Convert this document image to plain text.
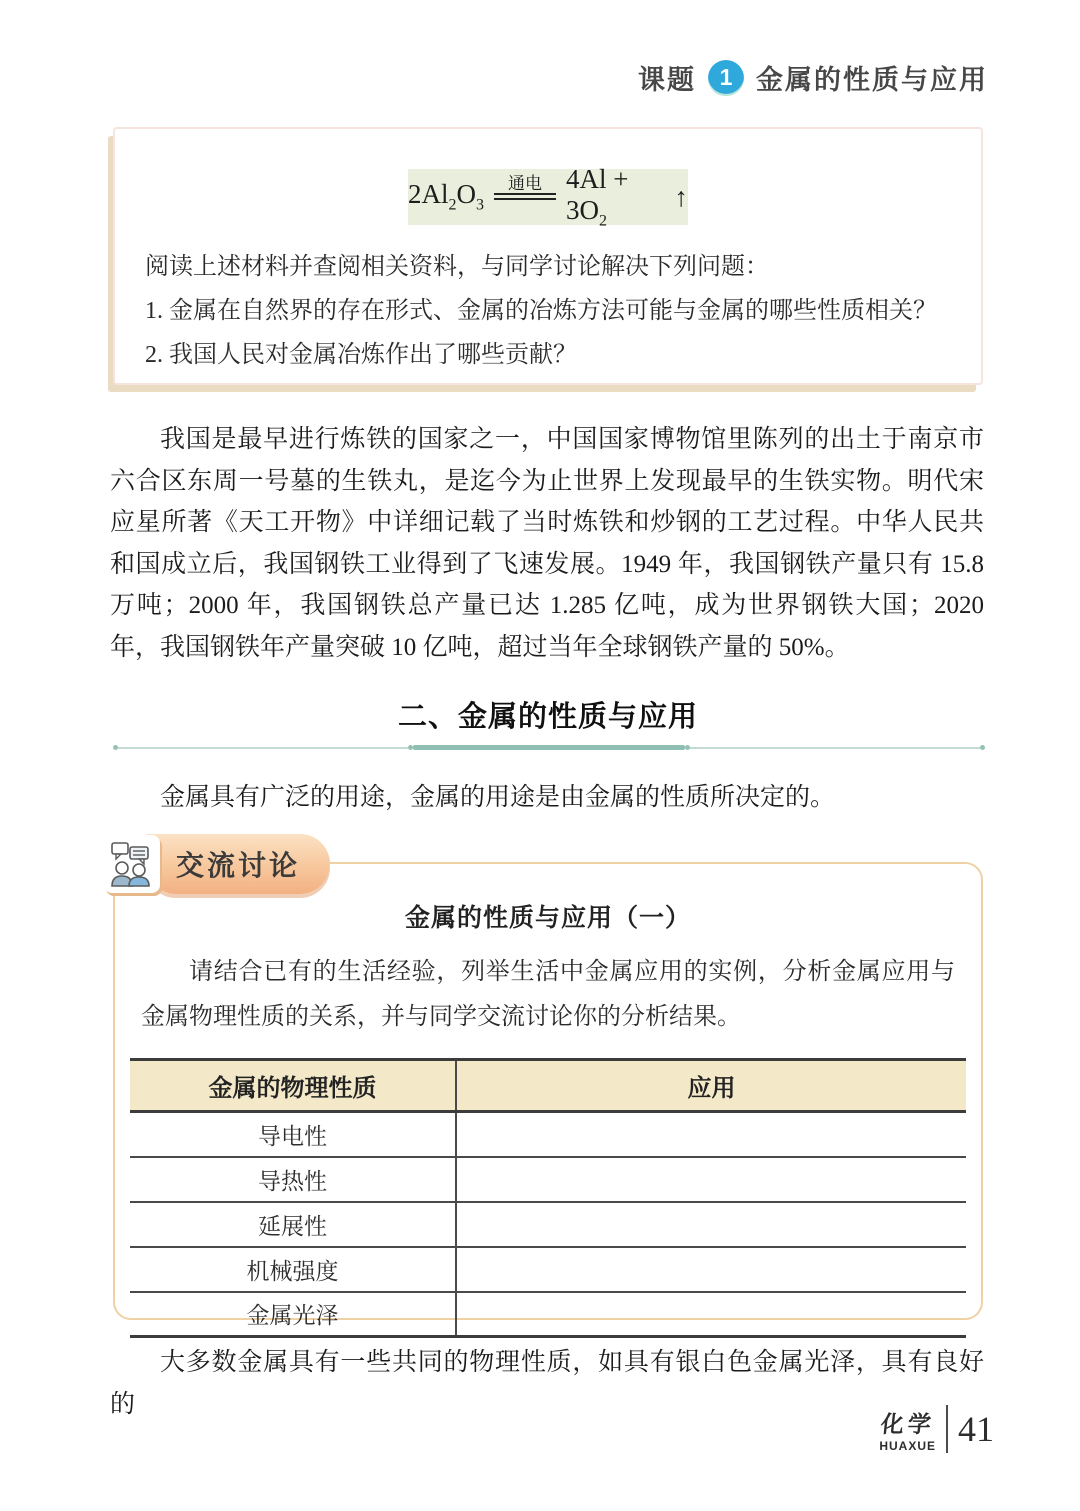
课题	1 金属的性质与应用
$2Al_2O_3$
通电 $4Al + 3O_2$
↑

阅读上述材料并查阅相关资料，与同学讨论解决下列问题：

1. 金属在自然界的存在形式、金属的冶炼方法可能与金属的哪些性质相关？

2. 我国人民对金属冶炼作出了哪些贡献？

我国是最早进行炼铁的国家之一，中国国家博物馆里陈列的出土于南京市六合区东周一号墓的生铁丸，是迄今为止世界上发现最早的生铁实物。明代宋应星所著《天工开物》中详细记载了当时炼铁和炒钢的工艺过程。中华人民共和国成立后，我国钢铁工业得到了飞速发展。1949 年，我国钢铁产量只有 15.8 万吨；2000 年，我国钢铁总产量已达 1.285 亿吨，成为世界钢铁大国；2020 年，我国钢铁年产量突破 10 亿吨，超过当年全球钢铁产量的 50%。

二、金属的性质与应用

金属具有广泛的用途，金属的用途是由金属的性质所决定的。

交流讨论
金属的性质与应用（一）

请结合已有的生活经验，列举生活中金属应用的实例，分析金属应用与金属物理性质的关系，并与同学交流讨论你的分析结果。

金属的物理性质	应用
导电性	
导热性	
延展性	
机械强度	
金属光泽	

大多数金属具有一些共同的物理性质，如具有银白色金属光泽，具有良好的

化学
HUAXUE 41
